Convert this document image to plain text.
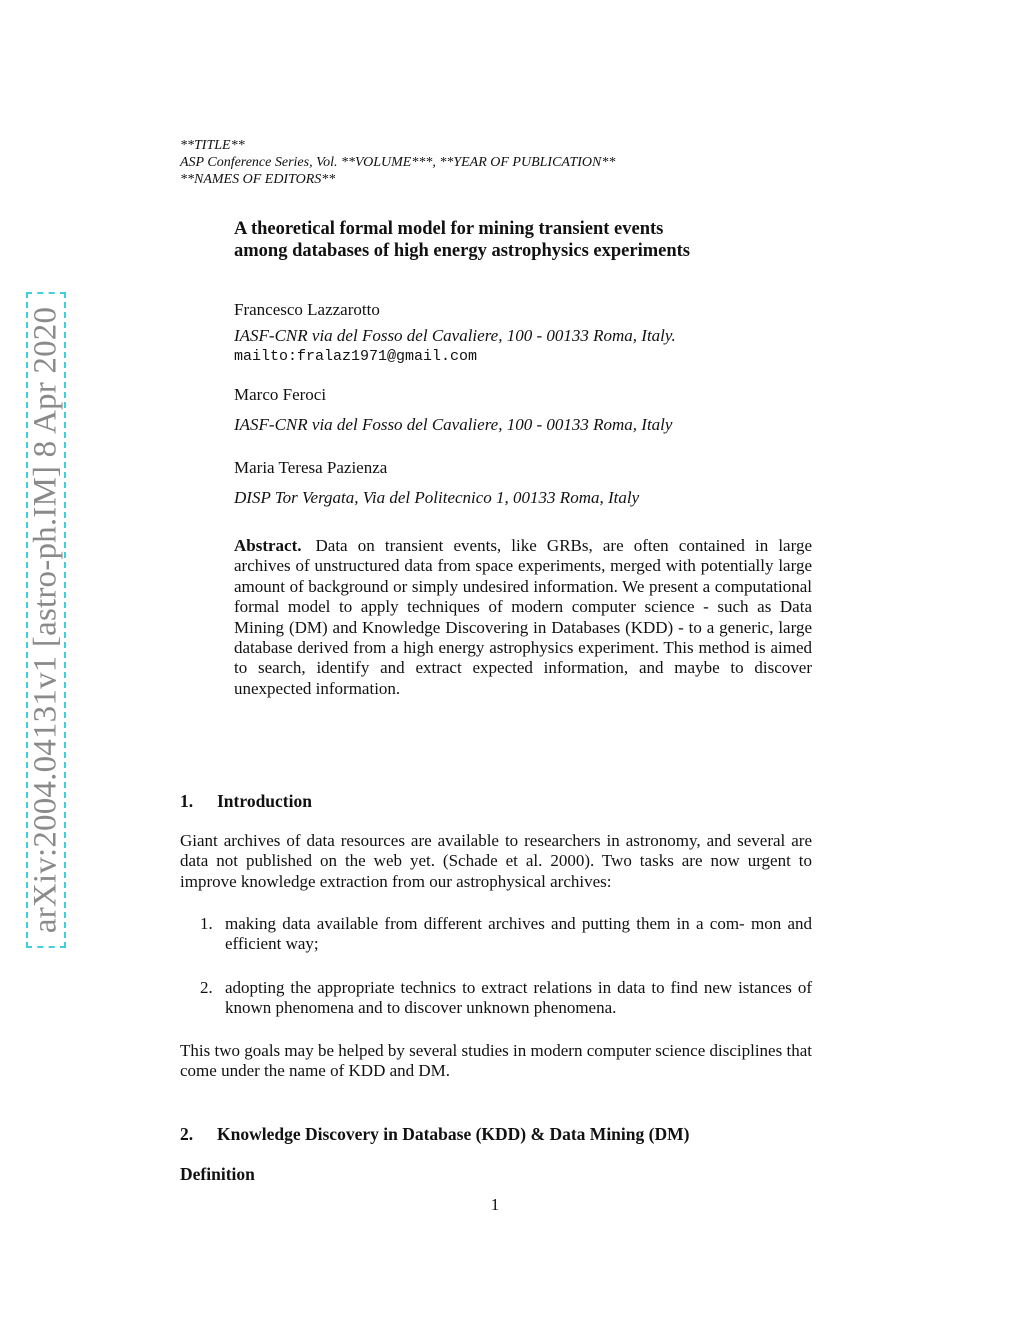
arXiv:2004.04131v1 [astro-ph.IM] 8 Apr 2020
**TITLE**
ASP Conference Series, Vol. **VOLUME***, **YEAR OF PUBLICATION**
**NAMES OF EDITORS**
A theoretical formal model for mining transient events
among databases of high energy astrophysics experiments
Francesco Lazzarotto
IASF-CNR via del Fosso del Cavaliere, 100 - 00133 Roma, Italy.
mailto:fralaz1971@gmail.com
Marco Feroci
IASF-CNR via del Fosso del Cavaliere, 100 - 00133 Roma, Italy
Maria Teresa Pazienza
DISP Tor Vergata, Via del Politecnico 1, 00133 Roma, Italy
Abstract. Data on transient events, like GRBs, are often contained in large archives of unstructured data from space experiments, merged with potentially large amount of background or simply undesired information. We present a computational formal model to apply techniques of modern computer science - such as Data Mining (DM) and Knowledge Discovering in Databases (KDD) - to a generic, large database derived from a high energy astrophysics experiment. This method is aimed to search, identify and extract expected information, and maybe to discover unexpected information.
1. Introduction
Giant archives of data resources are available to researchers in astronomy, and several are data not published on the web yet. (Schade et al. 2000). Two tasks are now urgent to improve knowledge extraction from our astrophysical archives:
1. making data available from different archives and putting them in a com- mon and efficient way;
2. adopting the appropriate technics to extract relations in data to find new istances of known phenomena and to discover unknown phenomena.
This two goals may be helped by several studies in modern computer science disciplines that come under the name of KDD and DM.
2. Knowledge Discovery in Database (KDD) & Data Mining (DM)
Definition
1
